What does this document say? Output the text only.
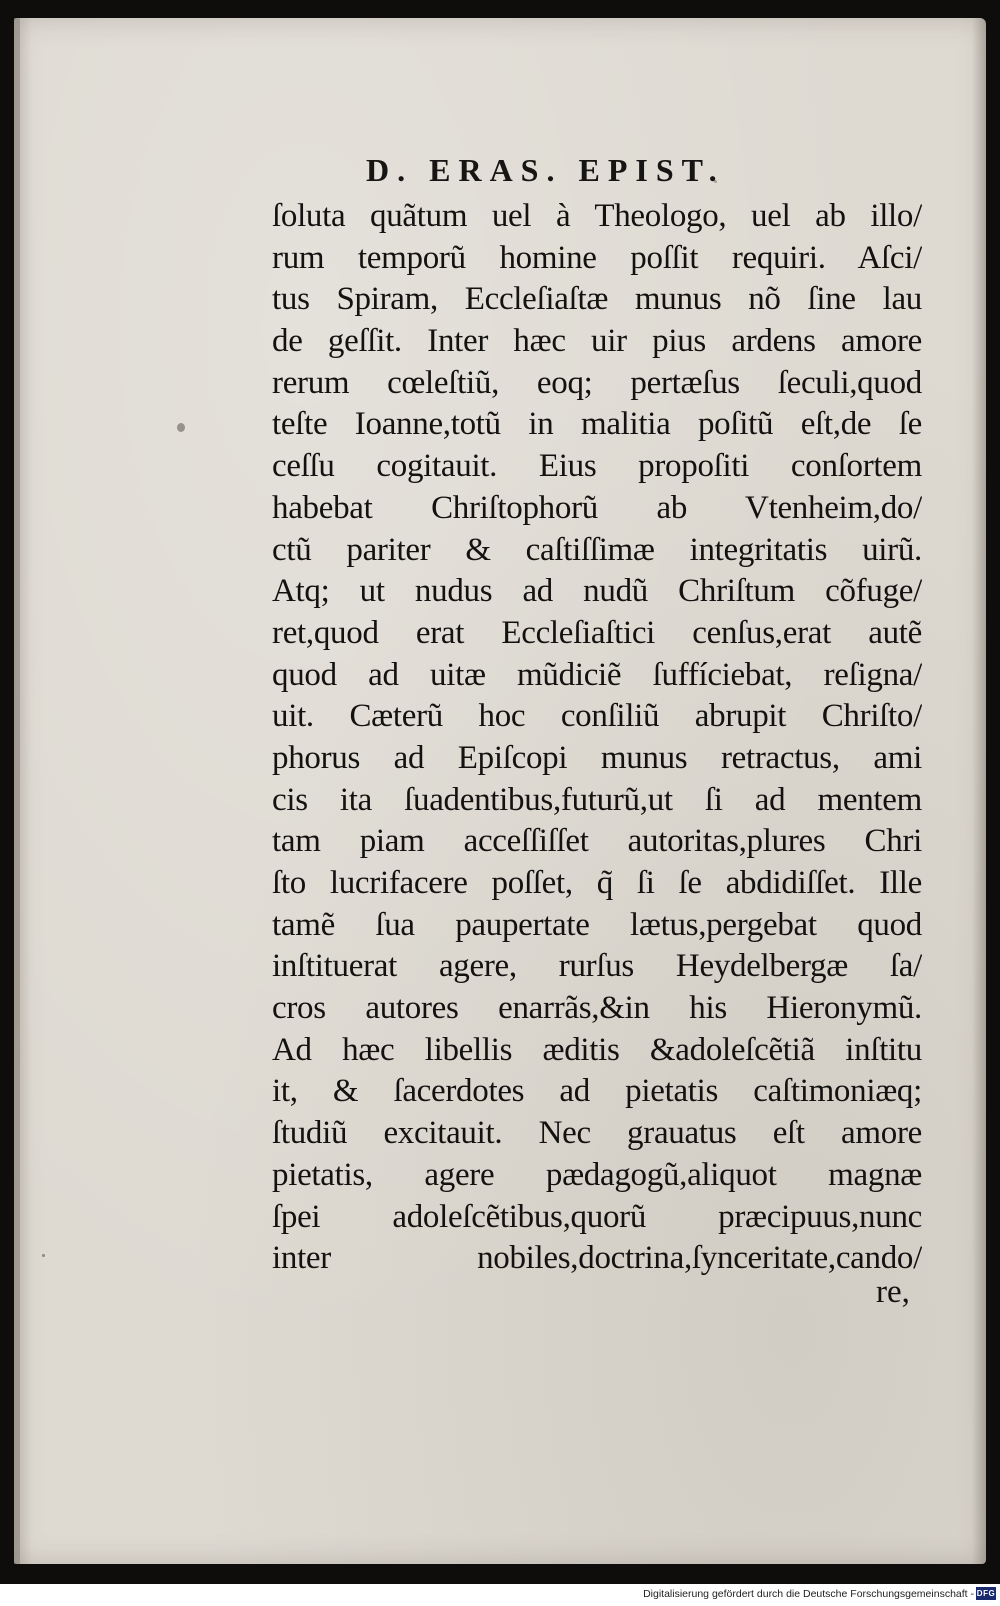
D. ERAS. EPIST.
ſoluta quãtum uel à Theologo, uel ab illo/
rum temporũ homine poſſit requiri. Aſci/
tus Spiram, Eccleſiaſtæ munus nõ ſine lau
de geſſit. Inter hæc uir pius ardens amore
rerum cœleſtiũ, eoq; pertæſus ſeculi,quod
teſte Ioanne,totũ in malitia poſitũ eſt,de ſe
ceſſu cogitauit. Eius propoſiti conſortem
habebat Chriſtophorũ ab Vtenheim,do/
ctũ pariter & caſtiſſimæ integritatis uirũ.
Atq; ut nudus ad nudũ Chriſtum cõfuge/
ret,quod erat Eccleſiaſtici cenſus,erat autẽ
quod ad uitæ mũdiciẽ ſuffíciebat, reſigna/
uit. Cæterũ hoc conſiliũ abrupit Chriſto/
phorus ad Epiſcopi munus retractus, ami
cis ita ſuadentibus,futurũ,ut ſi ad mentem
tam piam acceſſiſſet autoritas,plures Chri
ſto lucrifacere poſſet, q̃ ſi ſe abdidiſſet. Ille
tamẽ ſua paupertate lætus,pergebat quod
inſtituerat agere, rurſus Heydelbergæ ſa/
cros autores enarrãs,&in his Hieronymũ.
Ad hæc libellis æditis &adoleſcẽtiã inſtitu
it, & ſacerdotes ad pietatis caſtimoniæq;
ſtudiũ excitauit. Nec grauatus eſt amore
pietatis, agere pædagogũ,aliquot magnæ
ſpei adoleſcẽtibus,quorũ præcipuus,nunc
inter nobiles,doctrina,ſynceritate,cando/
re,
Digitalisierung gefördert durch die Deutsche Forschungsgemeinschaft - DFG
